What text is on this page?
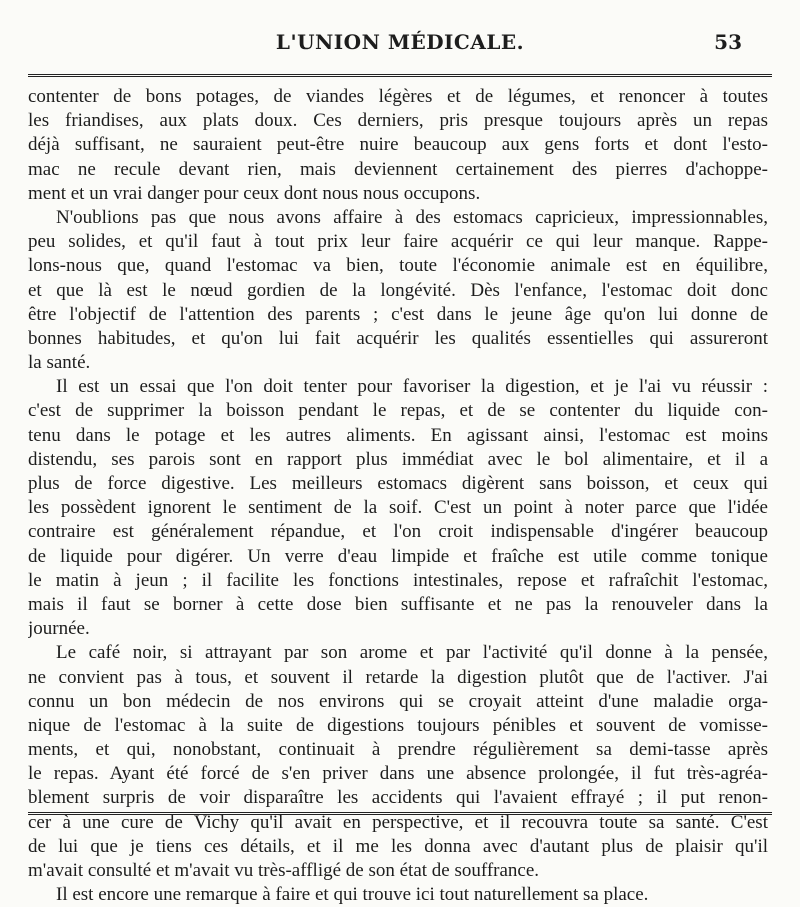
L'UNION MÉDICALE.	53
contenter de bons potages, de viandes légères et de légumes, et renoncer à toutes
les friandises, aux plats doux. Ces derniers, pris presque toujours après un repas
déjà suffisant, ne sauraient peut-être nuire beaucoup aux gens forts et dont l'esto-
mac ne recule devant rien, mais deviennent certainement des pierres d'achoppe-
ment et un vrai danger pour ceux dont nous nous occupons.
N'oublions pas que nous avons affaire à des estomacs capricieux, impressionnables,
peu solides, et qu'il faut à tout prix leur faire acquérir ce qui leur manque. Rappe-
lons-nous que, quand l'estomac va bien, toute l'économie animale est en équilibre,
et que là est le nœud gordien de la longévité. Dès l'enfance, l'estomac doit donc
être l'objectif de l'attention des parents ; c'est dans le jeune âge qu'on lui donne de
bonnes habitudes, et qu'on lui fait acquérir les qualités essentielles qui assureront
la santé.
Il est un essai que l'on doit tenter pour favoriser la digestion, et je l'ai vu réussir :
c'est de supprimer la boisson pendant le repas, et de se contenter du liquide con-
tenu dans le potage et les autres aliments. En agissant ainsi, l'estomac est moins
distendu, ses parois sont en rapport plus immédiat avec le bol alimentaire, et il a
plus de force digestive. Les meilleurs estomacs digèrent sans boisson, et ceux qui
les possèdent ignorent le sentiment de la soif. C'est un point à noter parce que l'idée
contraire est généralement répandue, et l'on croit indispensable d'ingérer beaucoup
de liquide pour digérer. Un verre d'eau limpide et fraîche est utile comme tonique
le matin à jeun ; il facilite les fonctions intestinales, repose et rafraîchit l'estomac,
mais il faut se borner à cette dose bien suffisante et ne pas la renouveler dans la
journée.
Le café noir, si attrayant par son arome et par l'activité qu'il donne à la pensée,
ne convient pas à tous, et souvent il retarde la digestion plutôt que de l'activer. J'ai
connu un bon médecin de nos environs qui se croyait atteint d'une maladie orga-
nique de l'estomac à la suite de digestions toujours pénibles et souvent de vomisse-
ments, et qui, nonobstant, continuait à prendre régulièrement sa demi-tasse après
le repas. Ayant été forcé de s'en priver dans une absence prolongée, il fut très-agréa-
blement surpris de voir disparaître les accidents qui l'avaient effrayé ; il put renon-
cer à une cure de Vichy qu'il avait en perspective, et il recouvra toute sa santé. C'est
de lui que je tiens ces détails, et il me les donna avec d'autant plus de plaisir qu'il
m'avait consulté et m'avait vu très-affligé de son état de souffrance.
Il est encore une remarque à faire et qui trouve ici tout naturellement sa place.
